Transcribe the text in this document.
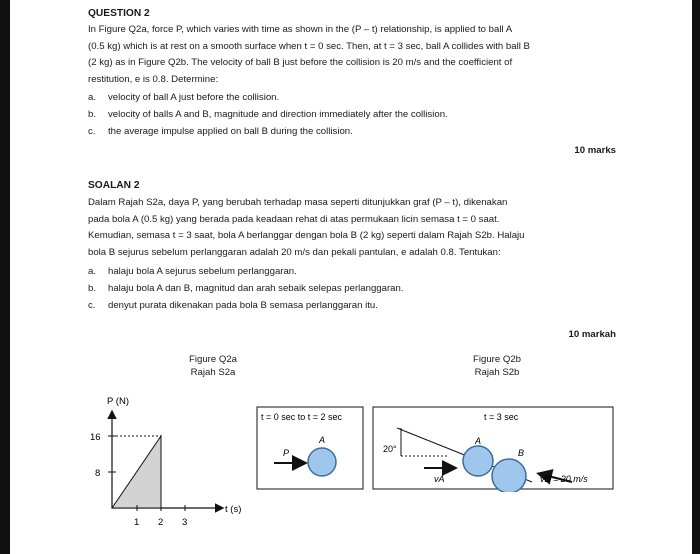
QUESTION 2
In Figure Q2a, force P, which varies with time as shown in the (P – t) relationship, is applied to ball A
(0.5 kg) which is at rest on a smooth surface when t = 0 sec. Then, at t = 3 sec, ball A collides with ball B
(2 kg) as in Figure Q2b. The velocity of ball B just before the collision is 20 m/s and the coefficient of
restitution, e is 0.8. Determine:
a. velocity of ball A just before the collision.
b. velocity of balls A and B, magnitude and direction immediately after the collision.
c. the average impulse applied on ball B during the collision.
10 marks
SOALAN 2
Dalam Rajah S2a, daya P, yang berubah terhadap masa seperti ditunjukkan graf (P – t), dikenakan
pada bola A (0.5 kg) yang berada pada keadaan rehat di atas permukaan licin semasa t = 0 saat.
Kemudian, semasa t = 3 saat, bola A berlanggar dengan bola B (2 kg) seperti dalam Rajah S2b. Halaju
bola B sejurus sebelum perlanggaran adalah 20 m/s dan pekali pantulan, e adalah 0.8. Tentukan:
a. halaju bola A sejurus sebelum perlanggaran.
b. halaju bola A dan B, magnitud dan arah sebaik selepas perlanggaran.
c. denyut purata dikenakan pada bola B semasa perlanggaran itu.
10 markah
Figure Q2a
Rajah S2a
Figure Q2b
Rajah S2b
P (N)
16
8
1 2 3
t (s)
t = 0 sec to t = 2 sec
P
A
t = 3 sec
20°
vA
A
B
vB = 20 m/s
